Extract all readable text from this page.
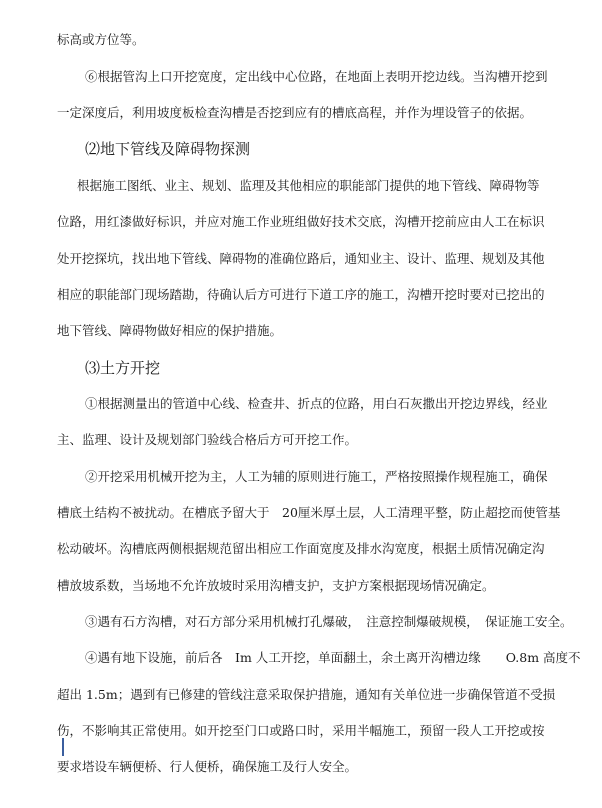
标高或方位等。
⑥根据管沟上口开挖宽度，定出线中心位路，在地面上表明开挖边线。当沟槽开挖到
一定深度后，利用坡度板检查沟槽是否挖到应有的槽底高程，并作为埋设管子的依据。
⑵地下管线及障碍物探测
根据施工图纸、业主、规划、监理及其他相应的职能部门提供的地下管线、障碍物等
位路，用红漆做好标识，并应对施工作业班组做好技术交底，沟槽开挖前应由人工在标识
处开挖探坑，找出地下管线、障碍物的准确位路后，通知业主、设计、监理、规划及其他
相应的职能部门现场踏勘，待确认后方可进行下道工序的施工，沟槽开挖时要对已挖出的
地下管线、障碍物做好相应的保护措施。
⑶土方开挖
①根据测量出的管道中心线、检查井、折点的位路，用白石灰撒出开挖边界线，经业
主、监理、设计及规划部门验线合格后方可开挖工作。
②开挖采用机械开挖为主，人工为辅的原则进行施工，严格按照操作规程施工，确保
槽底土结构不被扰动。在槽底予留大于　20厘米厚土层，人工清理平整，防止超挖而使管基
松动破坏。沟槽底两侧根据规范留出相应工作面宽度及排水沟宽度，根据土质情况确定沟
槽放坡系数，当场地不允许放坡时采用沟槽支护，支护方案根据现场情况确定。
③遇有石方沟槽，对石方部分采用机械打孔爆破，　注意控制爆破规模，　保证施工安全。
④遇有地下设施，前后各　Im 人工开挖，单面翻土，余土离开沟槽边缘　　O.8m 高度不
超出 1.5m；遇到有已修建的管线注意采取保护措施，通知有关单位进一步确保管道不受损
伤，不影响其正常使用。如开挖至门口或路口时，采用半幅施工，预留一段人工开挖或按
要求塔设车辆便桥、行人便桥，确保施工及行人安全。
